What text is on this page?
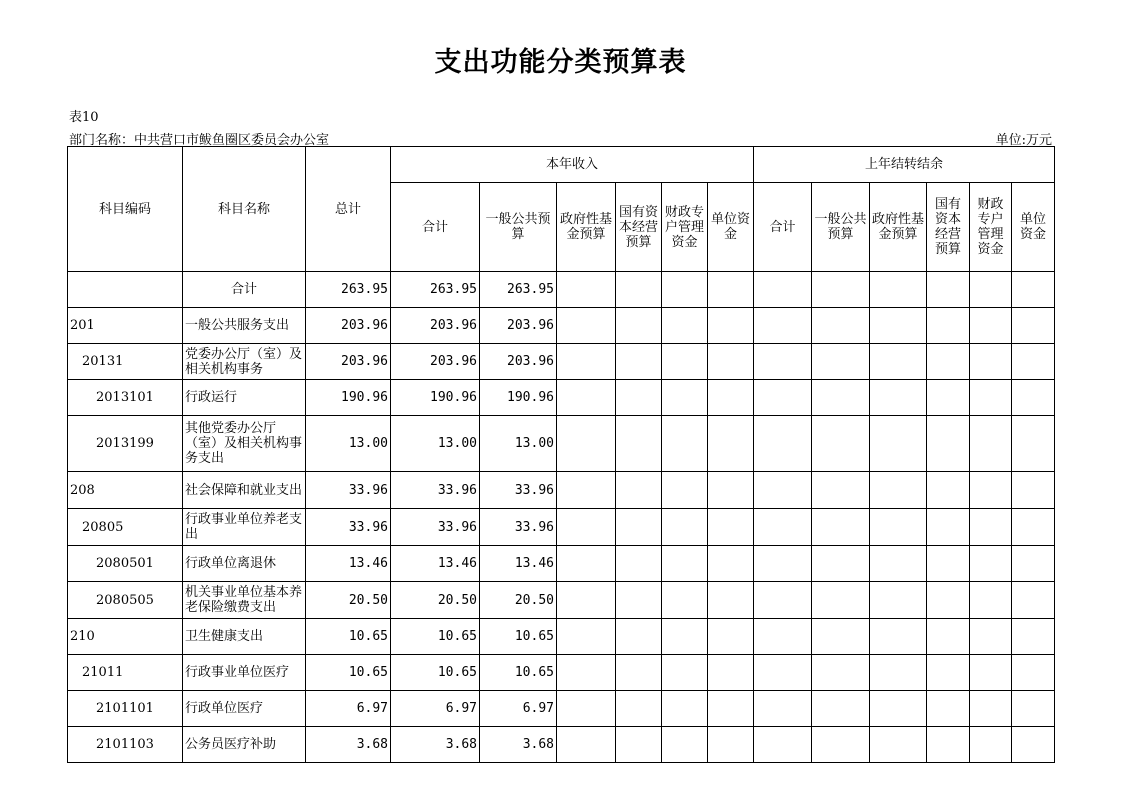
支出功能分类预算表
表10
部门名称：中共营口市鲅鱼圈区委员会办公室	单位:万元
科目编码	科目名称	总计	本年收入						上年结转结余					
			合计	一般公共预算	政府性基金预算	国有资本经营预算	财政专户管理资金	单位资金	合计	一般公共预算	政府性基金预算	国有资本经营预算	财政专户管理资金	单位资金
	合计	263.95	263.95	263.95										
201	一般公共服务支出	203.96	203.96	203.96										
20131	党委办公厅（室）及相关机构事务	203.96	203.96	203.96										
2013101	行政运行	190.96	190.96	190.96										
2013199	其他党委办公厅（室）及相关机构事务支出	13.00	13.00	13.00										
208	社会保障和就业支出	33.96	33.96	33.96										
20805	行政事业单位养老支出	33.96	33.96	33.96										
2080501	行政单位离退休	13.46	13.46	13.46										
2080505	机关事业单位基本养老保险缴费支出	20.50	20.50	20.50										
210	卫生健康支出	10.65	10.65	10.65										
21011	行政事业单位医疗	10.65	10.65	10.65										
2101101	行政单位医疗	6.97	6.97	6.97										
2101103	公务员医疗补助	3.68	3.68	3.68										
